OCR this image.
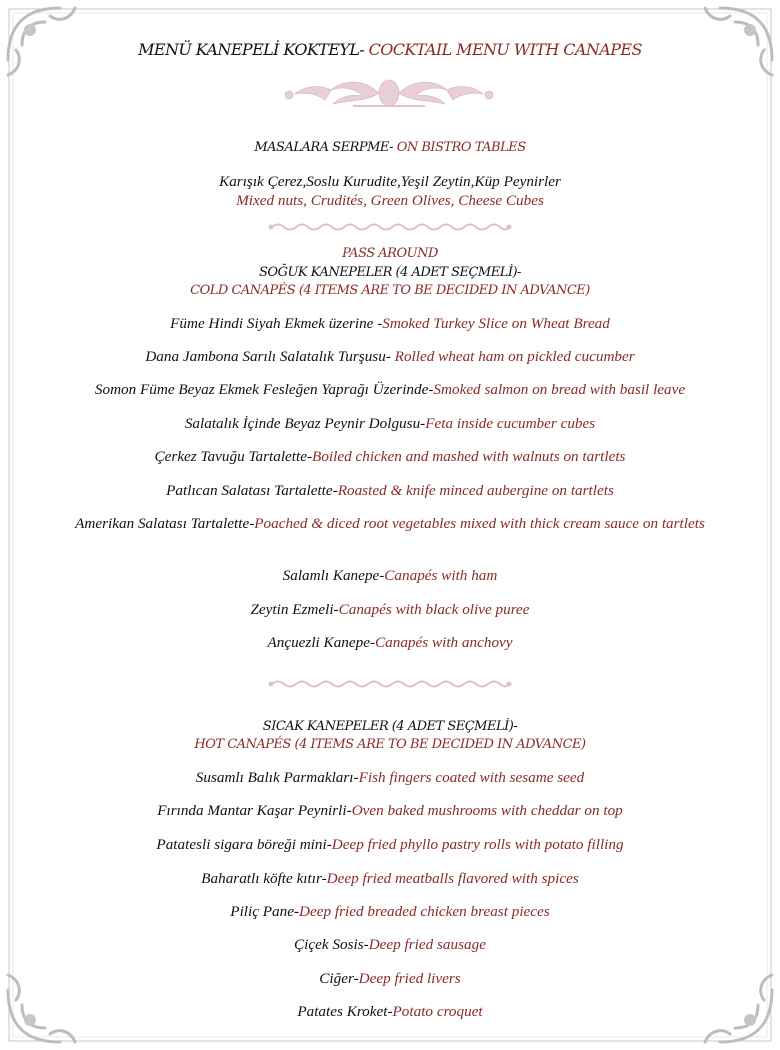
MENÜ KANEPELİ KOKTEYL- COCKTAIL MENU WITH CANAPES
MASALARA SERPME- ON BISTRO TABLES
Karışık Çerez,Soslu Kurudite,Yeşil Zeytin,Küp Peynirler
Mixed nuts, Crudités, Green Olives, Cheese Cubes
PASS AROUND
SOĞUK KANEPELER (4 ADET SEÇMELİ)-
COLD CANAPÉS (4 ITEMS ARE TO BE DECIDED IN ADVANCE)
Füme Hindi Siyah Ekmek üzerine -Smoked Turkey Slice on Wheat Bread
Dana Jambona Sarılı Salatalık Turşusu- Rolled wheat ham on pickled cucumber
Somon Füme Beyaz Ekmek Fesleğen Yaprağı Üzerinde-Smoked salmon on bread with basil leave
Salatalık İçinde Beyaz Peynir Dolgusu-Feta inside cucumber cubes
Çerkez Tavuğu Tartalette-Boiled chicken and mashed with walnuts on tartlets
Patlıcan Salatası Tartalette-Roasted & knife minced aubergine on tartlets
Amerikan Salatası Tartalette-Poached & diced root vegetables mixed with thick cream sauce on tartlets
Salamlı Kanepe-Canapés with ham
Zeytin Ezmeli-Canapés with black olive puree
Ançuezli Kanepe-Canapés with anchovy
SICAK KANEPELER (4 ADET SEÇMELİ)-
HOT CANAPÉS (4 ITEMS ARE TO BE DECIDED IN ADVANCE)
Susamlı Balık Parmakları-Fish fingers coated with sesame seed
Fırında Mantar Kaşar Peynirli-Oven baked mushrooms with cheddar on top
Patatesli sigara böreği mini-Deep fried phyllo pastry rolls with potato filling
Baharatlı köfte kıtır-Deep fried meatballs flavored with spices
Piliç Pane-Deep fried breaded chicken breast pieces
Çiçek Sosis-Deep fried sausage
Ciğer-Deep fried livers
Patates Kroket-Potato croquet
